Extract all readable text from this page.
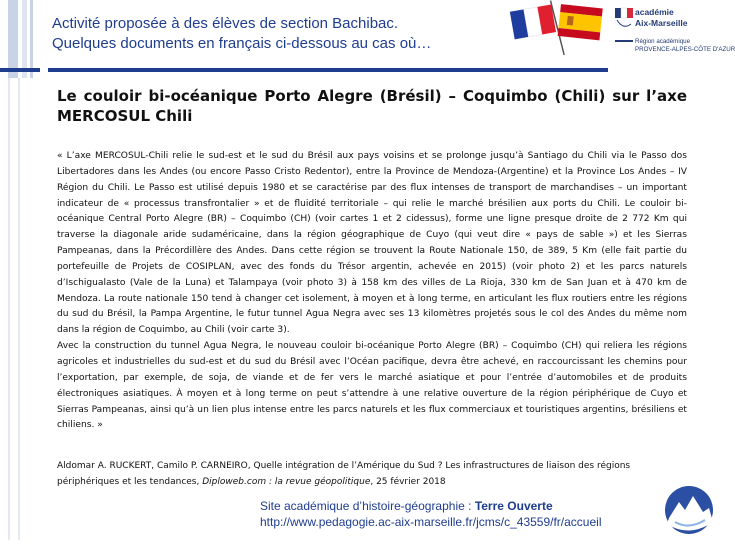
Activité proposée à des élèves de section Bachibac.
Quelques documents en français ci-dessous au cas où…
académie
Aix-Marseille
Région académique
PROVENCE-ALPES-CÔTE D'AZUR
Le couloir bi-océanique Porto Alegre (Brésil) – Coquimbo (Chili) sur l’axe MERCOSUL Chili

« L’axe MERCOSUL-Chili relie le sud-est et le sud du Brésil aux pays voisins et se prolonge jusqu’à Santiago du Chili via le Passo dos Libertadores dans les Andes (ou encore Passo Cristo Redentor), entre la Province de Mendoza-(Argentine) et la Province Los Andes – IV Région du Chili. Le Passo est utilisé depuis 1980 et se caractérise par des flux intenses de transport de marchandises – un important indicateur de « processus transfrontalier » et de fluidité territoriale – qui relie le marché brésilien aux ports du Chili. Le couloir bi-océanique Central Porto Alegre (BR) – Coquimbo (CH) (voir cartes 1 et 2 cidessus), forme une ligne presque droite de 2 772 Km qui traverse la diagonale aride sudaméricaine, dans la région géographique de Cuyo (qui veut dire « pays de sable ») et les Sierras Pampeanas, dans la Précordillère des Andes. Dans cette région se trouvent la Route Nationale 150, de 389, 5 Km (elle fait partie du portefeuille de Projets de COSIPLAN, avec des fonds du Trésor argentin, achevée en 2015) (voir photo 2) et les parcs naturels d’Ischigualasto (Vale de la Luna) et Talampaya (voir photo 3) à 158 km des villes de La Rioja, 330 km de San Juan et à 470 km de Mendoza. La route nationale 150 tend à changer cet isolement, à moyen et à long terme, en articulant les flux routiers entre les régions du sud du Brésil, la Pampa Argentine, le futur tunnel Agua Negra avec ses 13 kilomètres projetés sous le col des Andes du même nom dans la région de Coquimbo, au Chili (voir carte 3).

Avec la construction du tunnel Agua Negra, le nouveau couloir bi-océanique Porto Alegre (BR) – Coquimbo (CH) qui reliera les régions agricoles et industrielles du sud-est et du sud du Brésil avec l’Océan pacifique, devra être achevé, en raccourcissant les chemins pour l’exportation, par exemple, de soja, de viande et de fer vers le marché asiatique et pour l’entrée d’automobiles et de produits électroniques asiatiques. À moyen et à long terme on peut s’attendre à une relative ouverture de la région périphérique de Cuyo et Sierras Pampeanas, ainsi qu’à un lien plus intense entre les parcs naturels et les flux commerciaux et touristiques argentins, brésiliens et chiliens. »

Aldomar A. RUCKERT, Camilo P. CARNEIRO, Quelle intégration de l’Amérique du Sud ? Les infrastructures de liaison des régions périphériques et les tendances, Diploweb.com : la revue géopolitique, 25 février 2018
Site académique d’histoire-géographie : Terre Ouverte
http://www.pedagogie.ac-aix-marseille.fr/jcms/c_43559/fr/accueil
